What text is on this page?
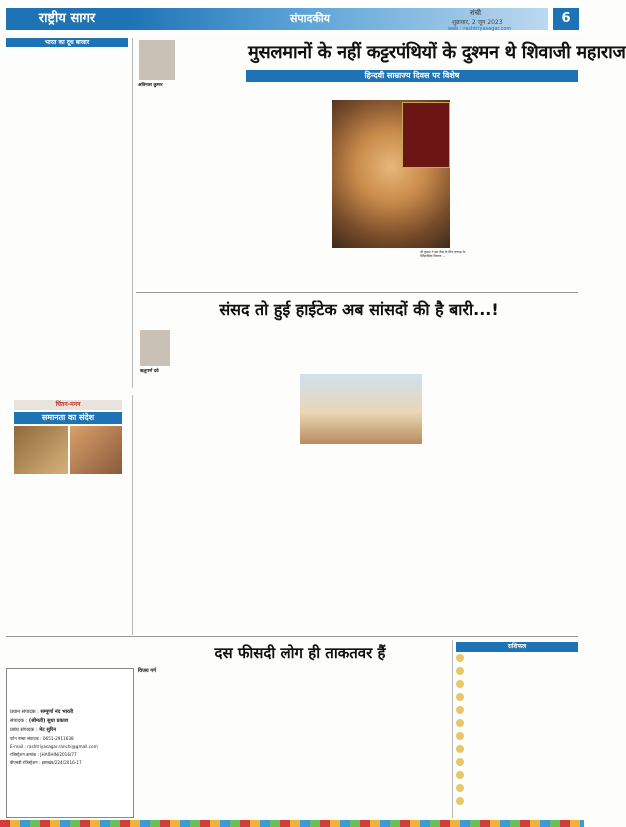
राष्ट्रीय सागर	संपादकीय	रांची
शुक्रवार, 2 जून 2023
web : rashtriyasagar.com
6
भारत का दूध बाजार
अविनाश कुमार
मुसलमानों के नहीं कट्टरपंथियों के दुश्मन थे शिवाजी महाराज
हिन्दवी साम्राज्य दिवस पर विशेष
श्री कुमार ने इस लेख के लिए रायगढ़ के ऐतिहासिक विवरण ...
संसद तो हुई हाईटेक अब सांसदों की है बारी...!
ऋतुपर्ण दवे
चिंतन-मनन
समानता का संदेश
दस फीसदी लोग ही ताकतवर हैं
प्रधान संपादक : सम्पूर्णा नंद भारती
संपादक : (श्रीमती) सुधा प्रकाश
प्रबंध संपादक : मेट सुरिन
फोन नम्बर संपादक : 0651-2911638
E-mail : rashtriyasagar.ranchi@gmail.com
रजिस्ट्रेशन क्रमांक : JHARHIN/2016/77
डीएमडी रजिस्ट्रेशन : झारखंड/224/2016-17
विजय गर्ग
राशिफल
